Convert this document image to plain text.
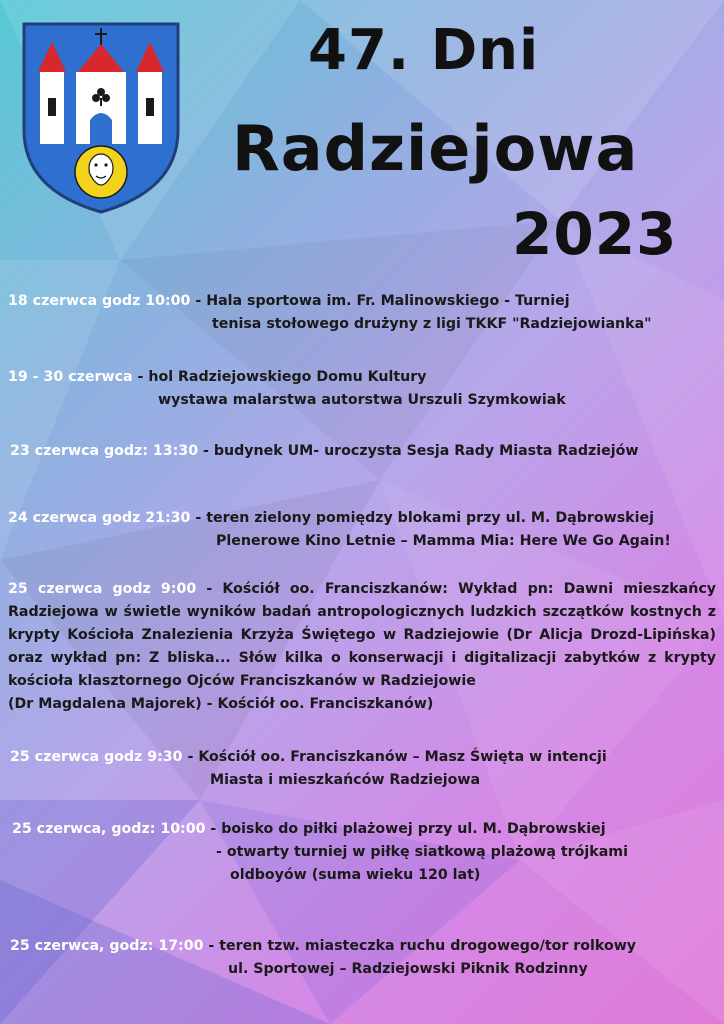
47. Dni
Radziejowa
2023
18 czerwca godz 10:00 - Hala sportowa im. Fr. Malinowskiego - Turniej
tenisa stołowego drużyny z ligi TKKF "Radziejowianka"
19 - 30 czerwca - hol Radziejowskiego Domu Kultury
wystawa malarstwa autorstwa Urszuli Szymkowiak
23 czerwca godz: 13:30 - budynek UM- uroczysta Sesja Rady Miasta Radziejów
24 czerwca godz 21:30 - teren zielony pomiędzy blokami przy ul. M. Dąbrowskiej
Plenerowe Kino Letnie – Mamma Mia: Here We Go Again!
25 czerwca godz 9:00 - Kościół oo. Franciszkanów: Wykład pn: Dawni mieszkańcy Radziejowa w świetle wyników badań antropologicznych ludzkich szczątków kostnych z krypty Kościoła Znalezienia Krzyża Świętego w Radziejowie (Dr Alicja Drozd-Lipińska) oraz wykład pn: Z bliska... Słów kilka o konserwacji i digitalizacji zabytków z krypty kościoła klasztornego Ojców Franciszkanów w Radziejowie
(Dr Magdalena Majorek) - Kościół oo. Franciszkanów)
25 czerwca godz 9:30 - Kościół oo. Franciszkanów – Masz Święta w intencji
Miasta i mieszkańców Radziejowa
25 czerwca, godz: 10:00 - boisko do piłki plażowej przy ul. M. Dąbrowskiej
- otwarty turniej w piłkę siatkową plażową trójkami
oldboyów (suma wieku 120 lat)
25 czerwca, godz: 17:00 - teren tzw. miasteczka ruchu drogowego/tor rolkowy
ul. Sportowej – Radziejowski Piknik Rodzinny
